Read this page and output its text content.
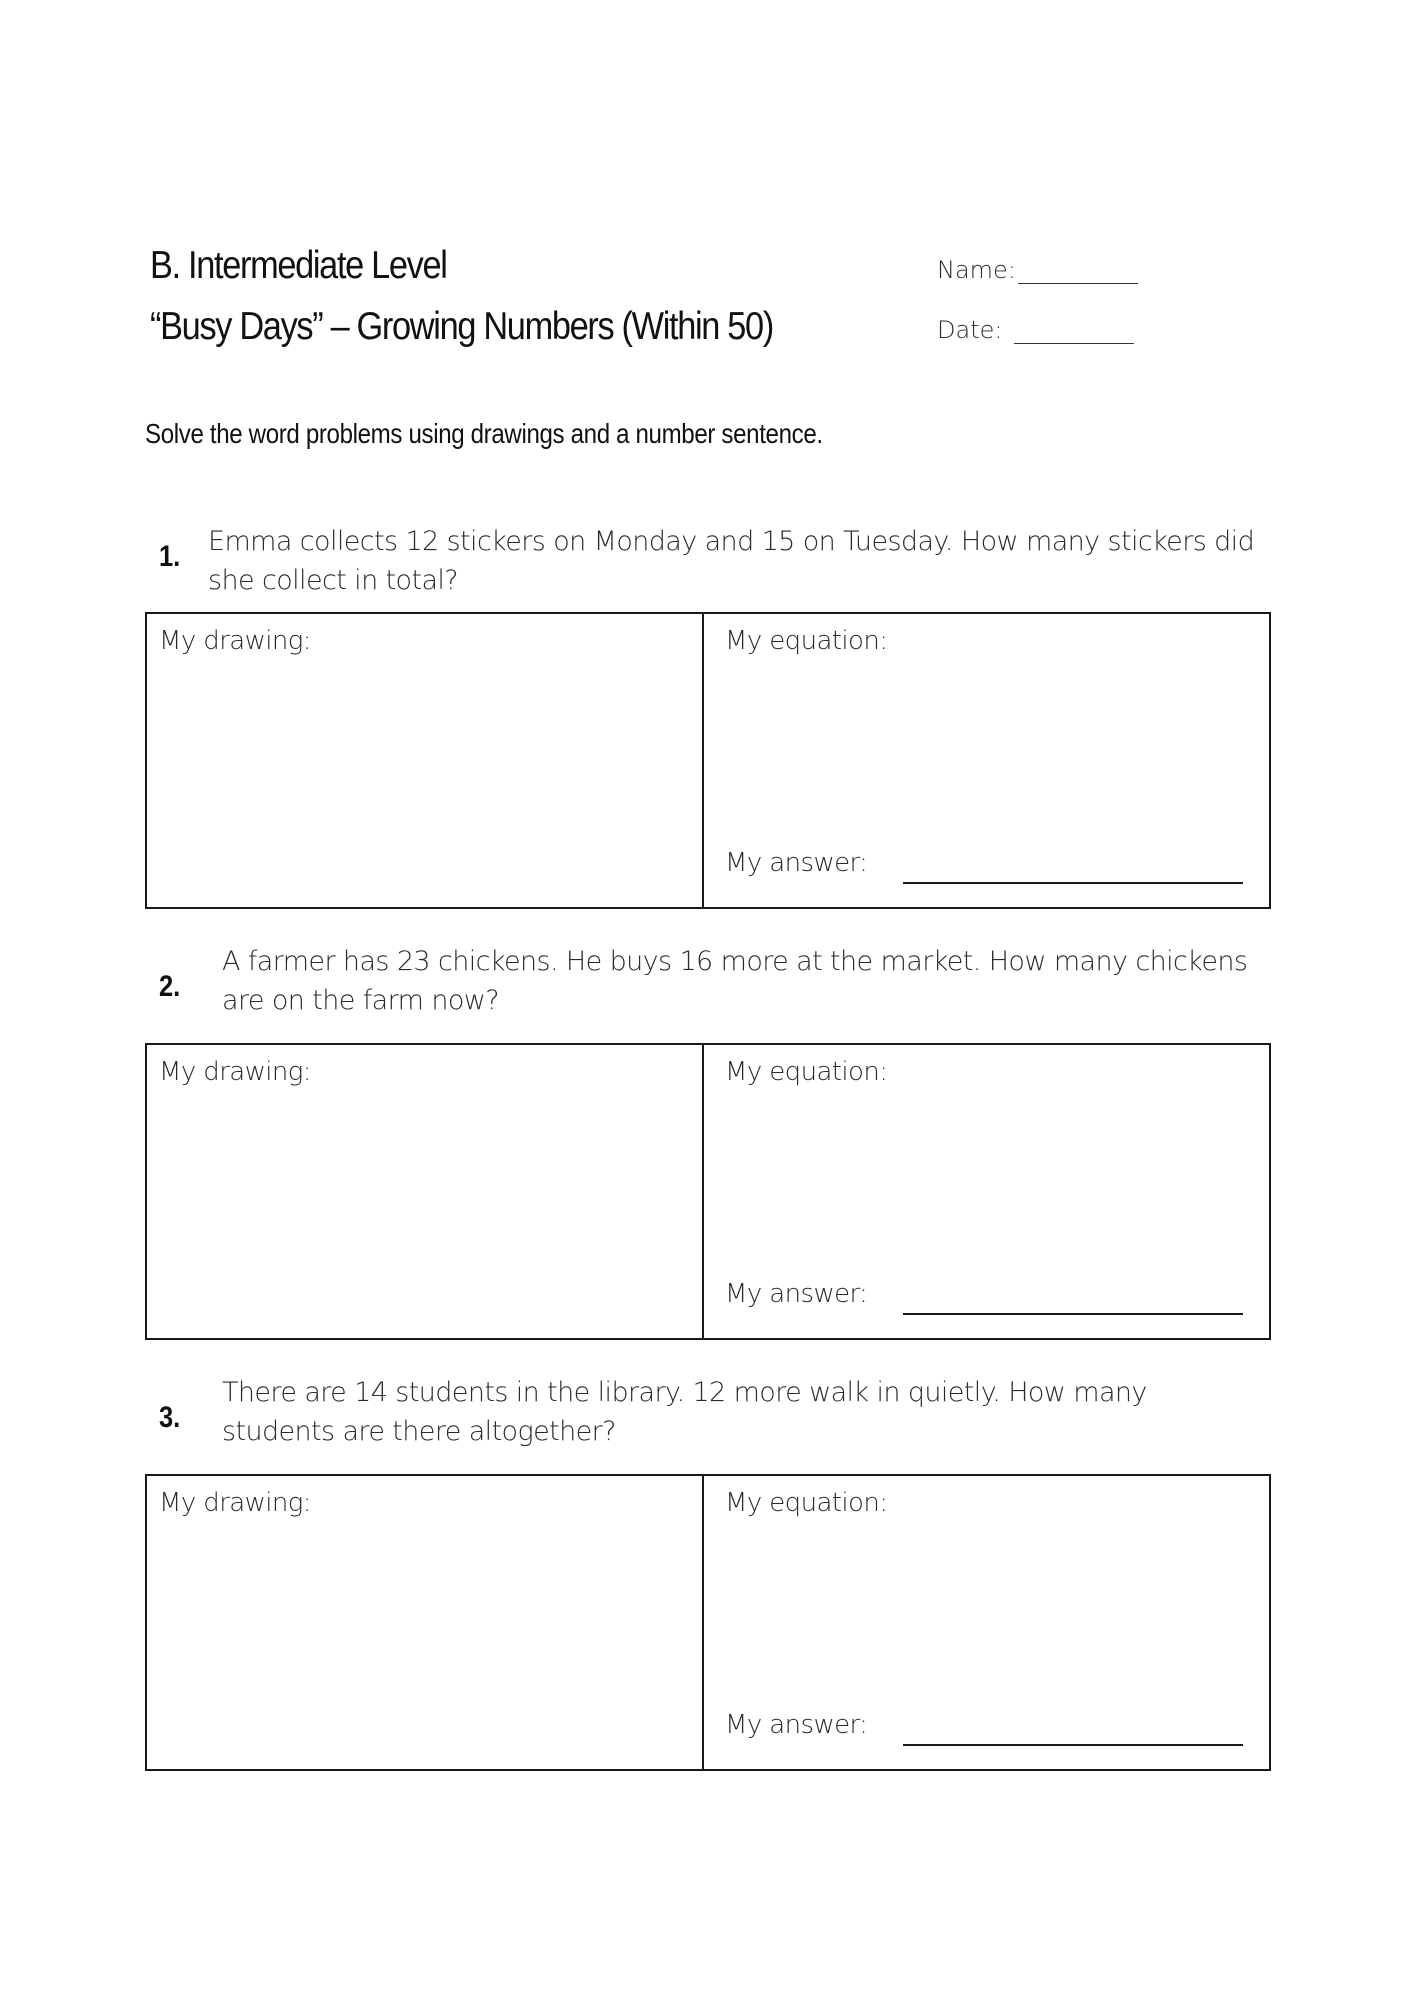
B. Intermediate Level
“Busy Days” – Growing Numbers (Within 50)
Name:
Date:
Solve the word problems using drawings and a number sentence.
1. Emma collects 12 stickers on Monday and 15 on Tuesday. How many stickers did
she collect in total?
My drawing:	My equation:
My answer:
2.
A farmer has 23 chickens. He buys 16 more at the market. How many chickens
are on the farm now?
My drawing:	My equation:
My answer:
3.
There are 14 students in the library. 12 more walk in quietly. How many
students are there altogether?
My drawing:	My equation:
My answer:
